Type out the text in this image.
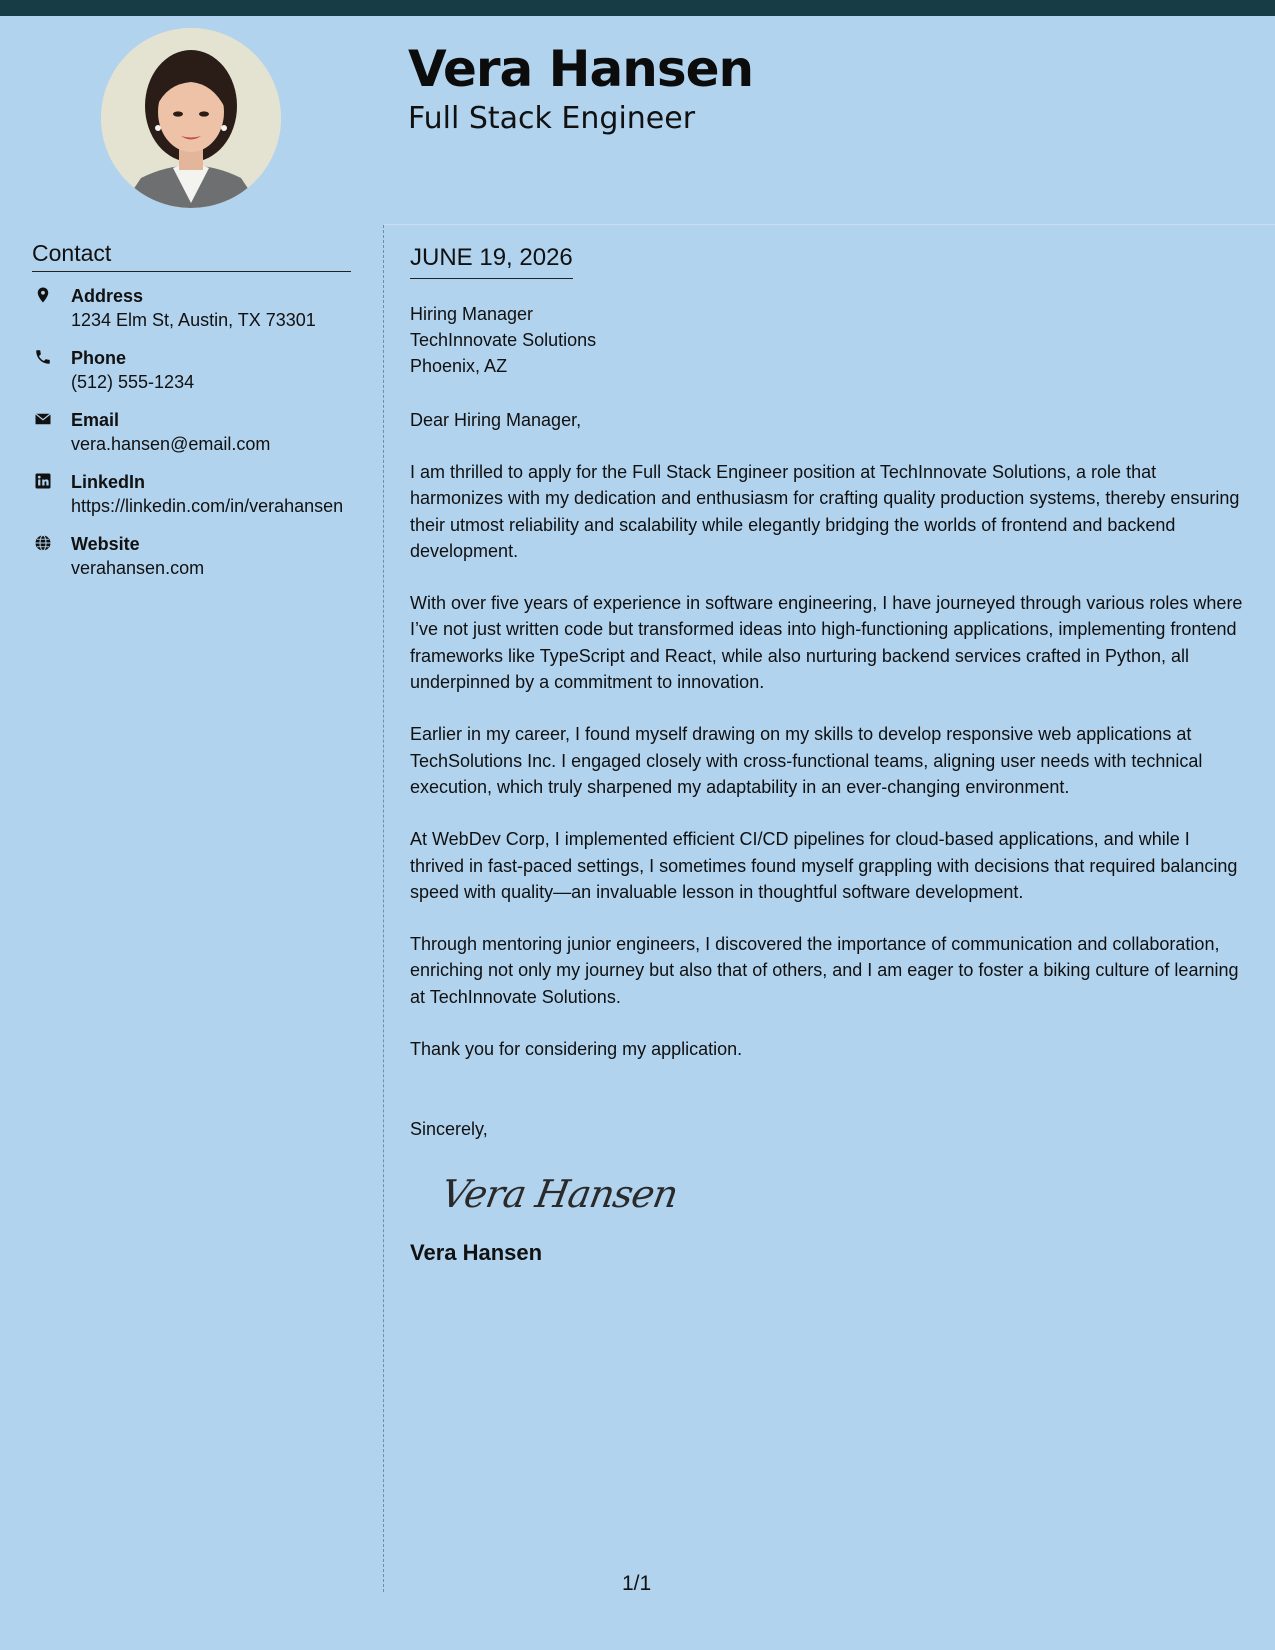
Vera Hansen
Full Stack Engineer
Contact
Address
1234 Elm St, Austin, TX 73301
Phone
(512) 555-1234
Email
vera.hansen@email.com
LinkedIn
https://linkedin.com/in/verahansen
Website
verahansen.com
JUNE 19, 2026
Hiring Manager
TechInnovate Solutions
Phoenix, AZ
Dear Hiring Manager,
I am thrilled to apply for the Full Stack Engineer position at TechInnovate Solutions, a role that harmonizes with my dedication and enthusiasm for crafting quality production systems, thereby ensuring their utmost reliability and scalability while elegantly bridging the worlds of frontend and backend development.
With over five years of experience in software engineering, I have journeyed through various roles where I’ve not just written code but transformed ideas into high-functioning applications, implementing frontend frameworks like TypeScript and React, while also nurturing backend services crafted in Python, all underpinned by a commitment to innovation.
Earlier in my career, I found myself drawing on my skills to develop responsive web applications at TechSolutions Inc. I engaged closely with cross-functional teams, aligning user needs with technical execution, which truly sharpened my adaptability in an ever-changing environment.
At WebDev Corp, I implemented efficient CI/CD pipelines for cloud-based applications, and while I thrived in fast-paced settings, I sometimes found myself grappling with decisions that required balancing speed with quality—an invaluable lesson in thoughtful software development.
Through mentoring junior engineers, I discovered the importance of communication and collaboration, enriching not only my journey but also that of others, and I am eager to foster a biking culture of learning at TechInnovate Solutions.
Thank you for considering my application.
Sincerely,
Vera Hansen
Vera Hansen
1/1
